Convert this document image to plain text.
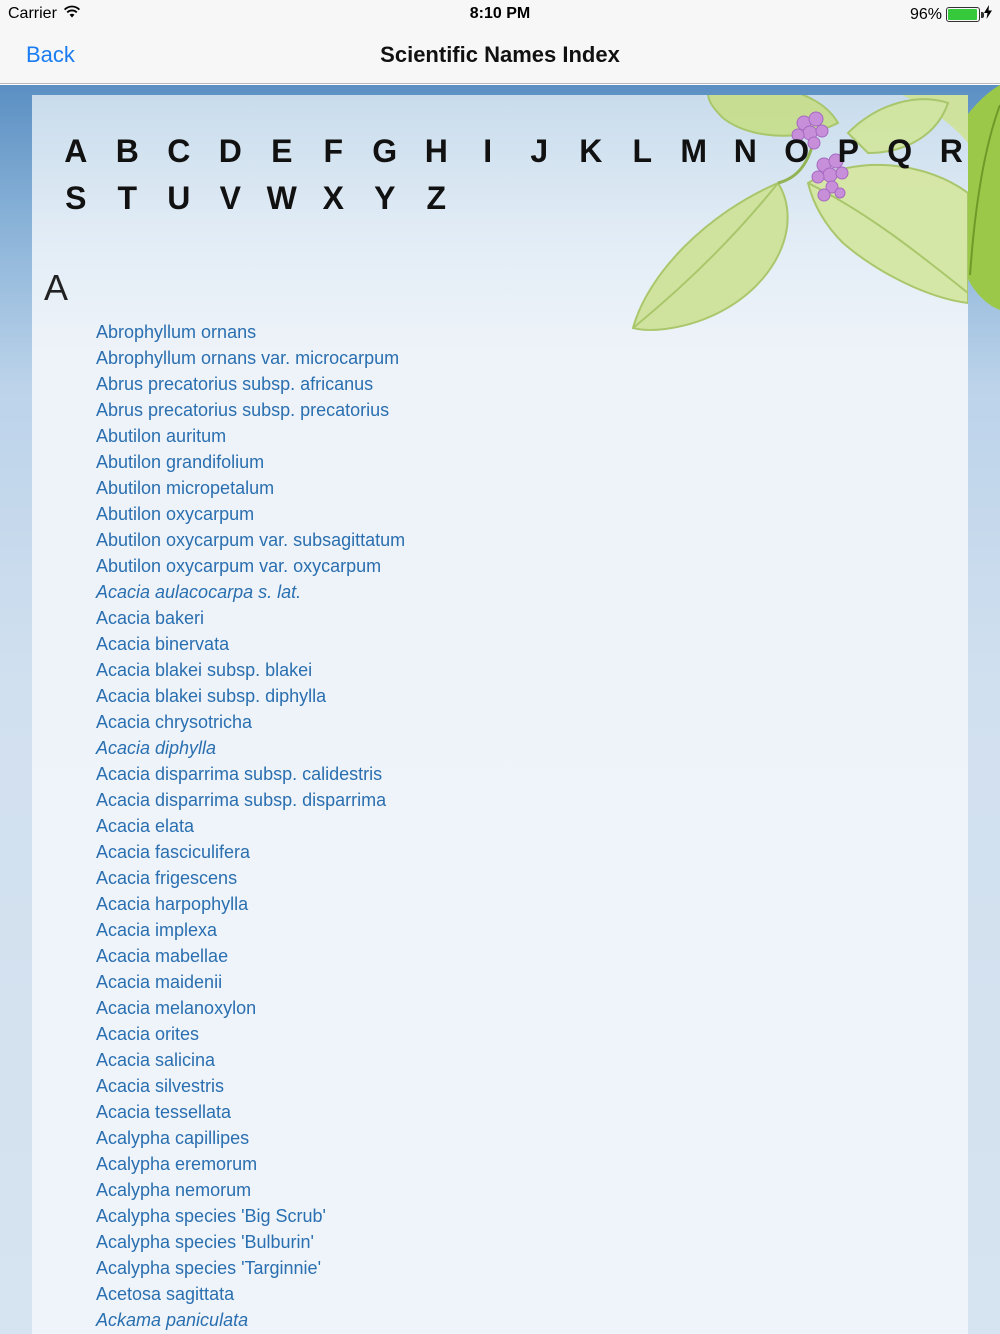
Carrier	8:10 PM	96%
Back	Scientific Names Index
A B C D E F G H	I	J K L M N O P Q R
S T U V W X Y Z
A
Abrophyllum ornans
Abrophyllum ornans var. microcarpum
Abrus precatorius subsp. africanus
Abrus precatorius subsp. precatorius
Abutilon auritum
Abutilon grandifolium
Abutilon micropetalum
Abutilon oxycarpum
Abutilon oxycarpum var. subsagittatum
Abutilon oxycarpum var. oxycarpum
Acacia aulacocarpa s. lat.
Acacia bakeri
Acacia binervata
Acacia blakei subsp. blakei
Acacia blakei subsp. diphylla
Acacia chrysotricha
Acacia diphylla
Acacia disparrima subsp. calidestris
Acacia disparrima subsp. disparrima
Acacia elata
Acacia fasciculifera
Acacia frigescens
Acacia harpophylla
Acacia implexa
Acacia mabellae
Acacia maidenii
Acacia melanoxylon
Acacia orites
Acacia salicina
Acacia silvestris
Acacia tessellata
Acalypha capillipes
Acalypha eremorum
Acalypha nemorum
Acalypha species 'Big Scrub'
Acalypha species 'Bulburin'
Acalypha species 'Targinnie'
Acetosa sagittata
Ackama paniculata
